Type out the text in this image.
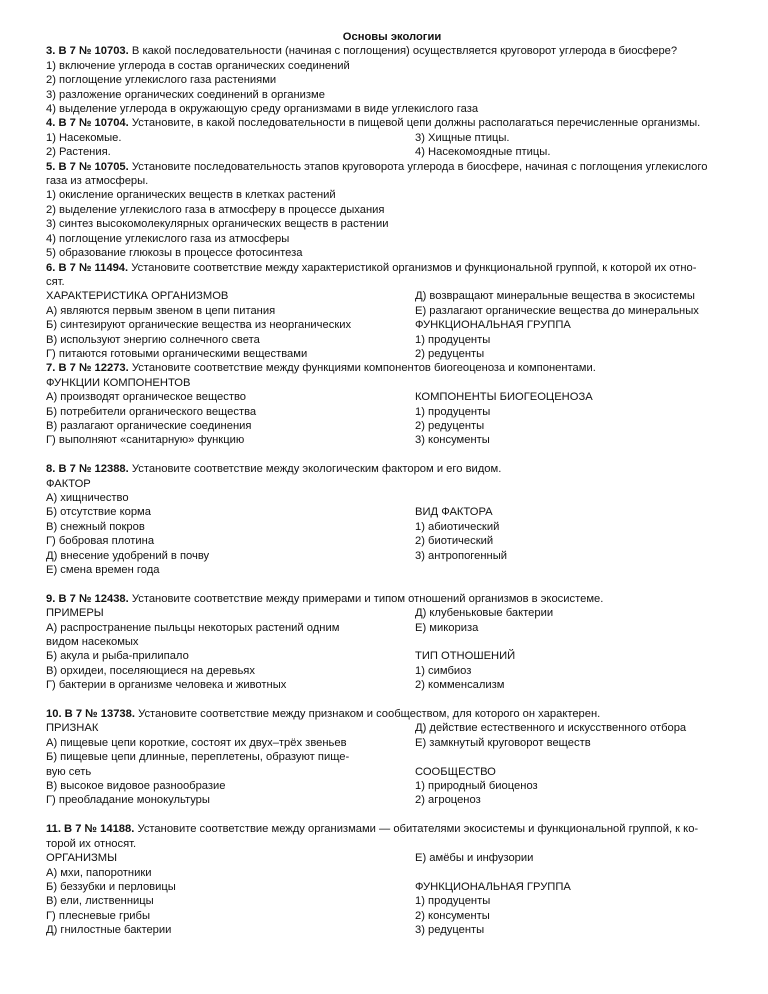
Основы экологии
3. В 7 № 10703. В какой последовательности (начиная с поглощения) осуществляется круговорот углерода в биосфере?
1) включение углерода в состав органических соединений
2) поглощение углекислого газа растениями
3) разложение органических соединений в организме
4) выделение углерода в окружающую среду организмами в виде углекислого газа
4. В 7 № 10704. Установите, в какой последовательности в пищевой цепи должны располагаться перечисленные организмы.
1) Насекомые.	3) Хищные птицы.
2) Растения.	4) Насекомоядные птицы.
5. В 7 № 10705. Установите последовательность этапов круговорота углерода в биосфере, начиная с поглощения углекислого
газа из атмосферы.
1) окисление органических веществ в клетках растений
2) выделение углекислого газа в атмосферу в процессе дыхания
3) синтез высокомолекулярных органических веществ в растении
4) поглощение углекислого газа из атмосферы
5) образование глюкозы в процессе фотосинтеза
6. В 7 № 11494. Установите соответствие между характеристикой организмов и функциональной группой, к которой их отно-
сят.
ХАРАКТЕРИСТИКА ОРГАНИЗМОВ	Д) возвращают минеральные вещества в экосистемы
А) являются первым звеном в цепи питания	Е) разлагают органические вещества до минеральных
Б) синтезируют органические вещества из неорганических	ФУНКЦИОНАЛЬНАЯ ГРУППА
В) используют энергию солнечного света	1) продуценты
Г) питаются готовыми органическими веществами	2) редуценты
7. В 7 № 12273. Установите соответствие между функциями компонентов биогеоценоза и компонентами.
ФУНКЦИИ КОМПОНЕНТОВ
А) производят органическое вещество	КОМПОНЕНТЫ БИОГЕОЦЕНОЗА
Б) потребители органического вещества	1) продуценты
В) разлагают органические соединения	2) редуценты
Г) выполняют «санитарную» функцию	3) консументы
8. В 7 № 12388. Установите соответствие между экологическим фактором и его видом.
ФАКТОР
А) хищничество
Б) отсутствие корма	ВИД ФАКТОРА
В) снежный покров	1) абиотический
Г) бобровая плотина	2) биотический
Д) внесение удобрений в почву	3) антропогенный
Е) смена времен года
9. В 7 № 12438. Установите соответствие между примерами и типом отношений организмов в экосистеме.
ПРИМЕРЫ	Д) клубеньковые бактерии
А) распространение пыльцы некоторых растений одним	Е) микориза
видом насекомых
Б) акула и рыба-прилипало	ТИП ОТНОШЕНИЙ
В) орхидеи, поселяющиеся на деревьях	1) симбиоз
Г) бактерии в организме человека и животных	2) комменсализм
10. В 7 № 13738. Установите соответствие между признаком и сообществом, для которого он характерен.
ПРИЗНАК	Д) действие естественного и искусственного отбора
А) пищевые цепи короткие, состоят их двух–трёх звеньев	Е) замкнутый круговорот веществ
Б) пищевые цепи длинные, переплетены, образуют пище-
вую сеть	СООБЩЕСТВО
В) высокое видовое разнообразие	1) природный биоценоз
Г) преобладание монокультуры	2) агроценоз
11. В 7 № 14188. Установите соответствие между организмами — обитателями экосистемы и функциональной группой, к ко-
торой их относят.
ОРГАНИЗМЫ	Е) амёбы и инфузории
А) мхи, папоротники
Б) беззубки и перловицы	ФУНКЦИОНАЛЬНАЯ ГРУППА
В) ели, лиственницы	1) продуценты
Г) плесневые грибы	2) консументы
Д) гнилостные бактерии	3) редуценты
